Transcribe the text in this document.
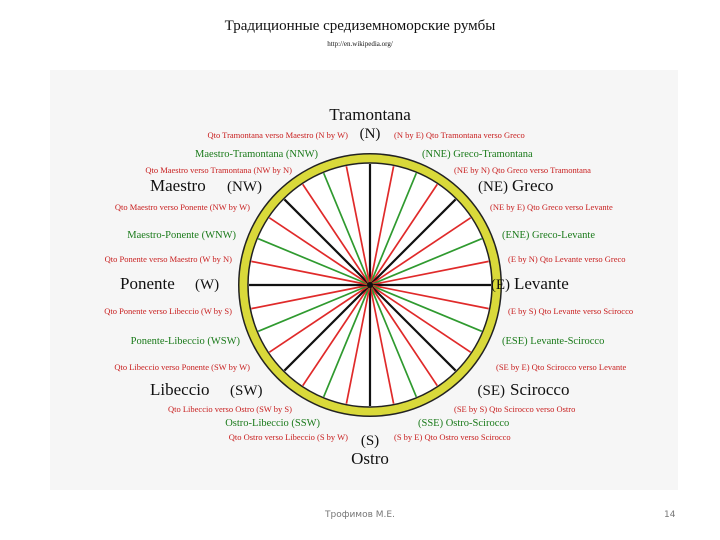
Традиционные средиземноморские румбы
http://en.wikipedia.org/
Tramontana
(N)
Levante
(E)
Ostro
(S)
Ponente (W)
Greco
(NE)
Scirocco
(SE)
Libeccio (SW)
Maestro (NW)
(NNE) Greco-Tramontana
(ENE) Greco-Levante
(ESE) Levante-Scirocco
(SSE) Ostro-Scirocco
Ostro-Libeccio (SSW)
Ponente-Libeccio (WSW)
Maestro-Ponente (WNW)
Maestro-Tramontana (NNW)
(N by E) Qto Tramontana verso Greco
(NE by N) Qto Greco verso Tramontana
(NE by E) Qto Greco verso Levante
(E by N) Qto Levante verso Greco
(E by S) Qto Levante verso Scirocco
(SE by E) Qto Scirocco verso Levante
(SE by S) Qto Scirocco verso Ostro
(S by E) Qto Ostro verso Scirocco
Qto Ostro verso Libeccio (S by W)
Qto Libeccio verso Ostro (SW by S)
Qto Libeccio verso Ponente (SW by W)
Qto Ponente verso Libeccio (W by S)
Qto Ponente verso Maestro (W by N)
Qto Maestro verso Ponente (NW by W)
Qto Maestro verso Tramontana (NW by N)
Qto Tramontana verso Maestro (N by W)
Трофимов М.Е.	14
